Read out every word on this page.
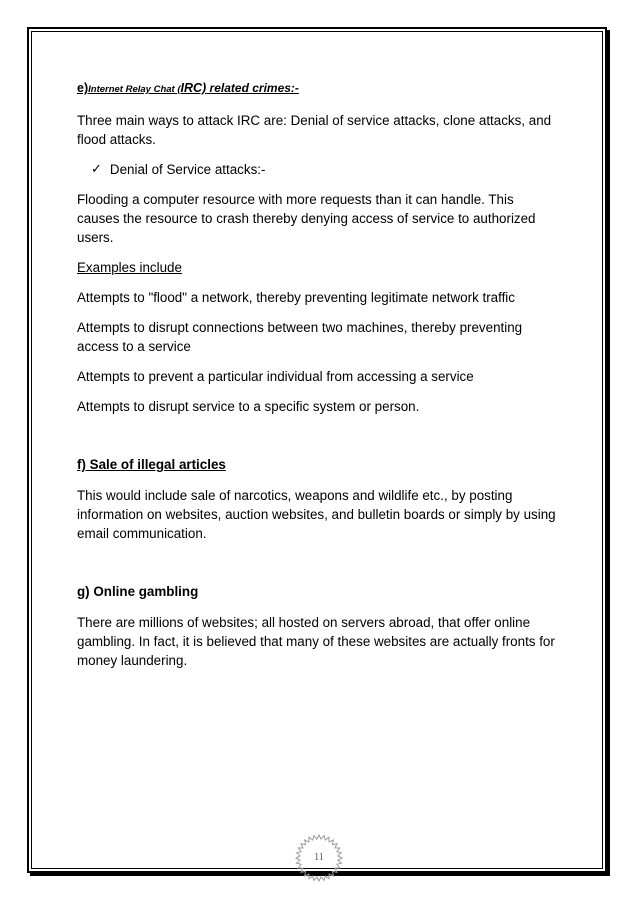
e)Internet Relay Chat (IRC) related crimes:-

Three main ways to attack IRC are: Denial of service attacks, clone attacks, and flood attacks.

✓ Denial of Service attacks:-

Flooding a computer resource with more requests than it can handle. This causes the resource to crash thereby denying access of service to authorized users.

Examples include

Attempts to "flood" a network, thereby preventing legitimate network traffic

Attempts to disrupt connections between two machines, thereby preventing access to a service

Attempts to prevent a particular individual from accessing a service

Attempts to disrupt service to a specific system or person.

f) Sale of illegal articles

This would include sale of narcotics, weapons and wildlife etc., by posting information on websites, auction websites, and bulletin boards or simply by using email communication.

g) Online gambling

There are millions of websites; all hosted on servers abroad, that offer online gambling. In fact, it is believed that many of these websites are actually fronts for money laundering.

11
